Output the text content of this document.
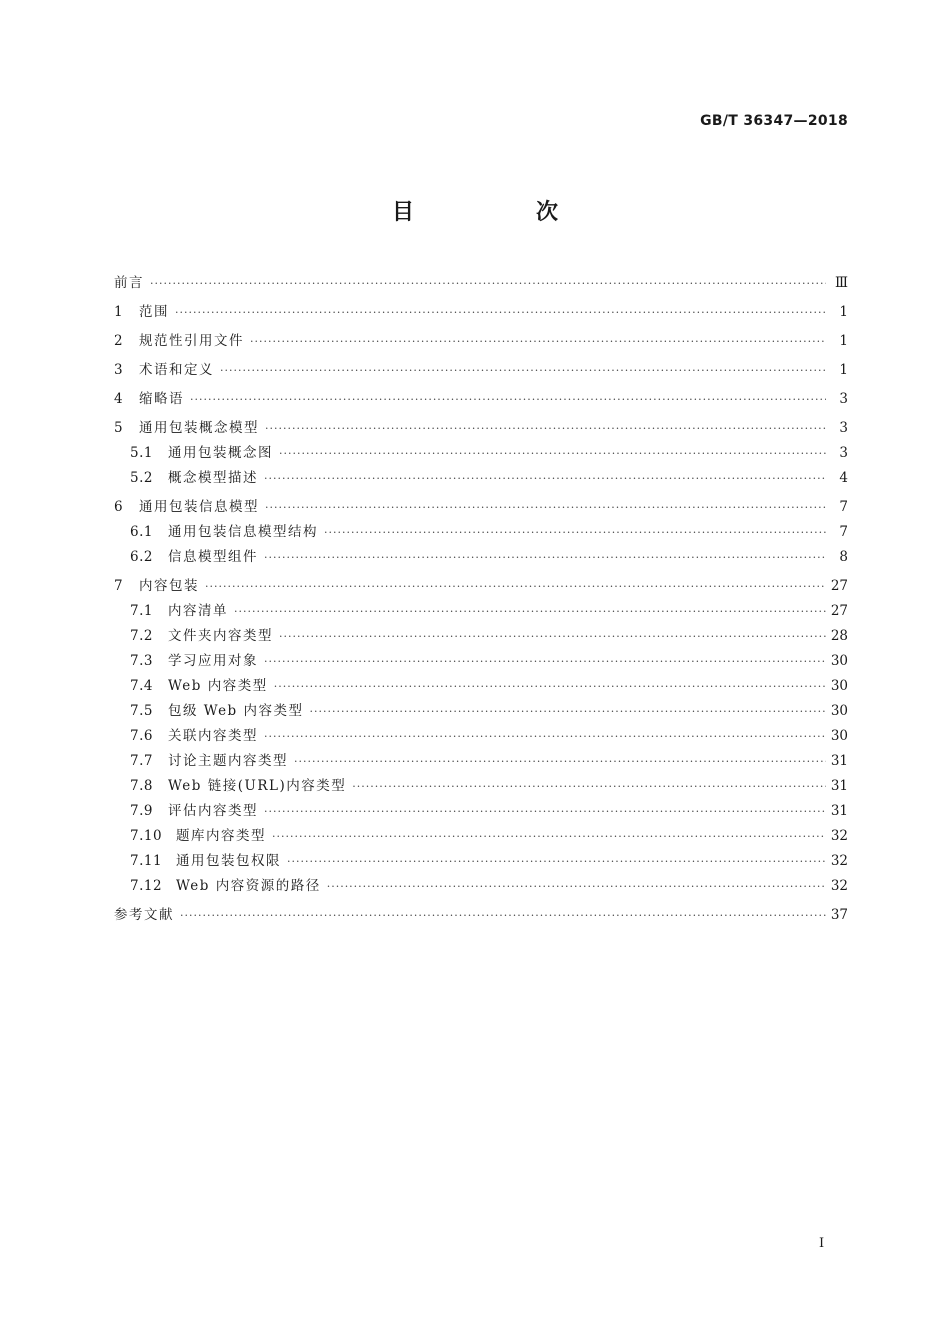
GB/T 36347—2018
目　次
前言 ·····	Ⅲ
1	范围 ·····	1
2	规范性引用文件 ·····	1
3	术语和定义 ·····	1
4	缩略语 ·····	3
5	通用包装概念模型 ·····	3
5.1	通用包装概念图 ·····	3
5.2	概念模型描述 ·····	4
6	通用包装信息模型 ·····	7
6.1	通用包装信息模型结构 ·····	7
6.2	信息模型组件 ·····	8
7	内容包装 ·····	27
7.1	内容清单 ·····	27
7.2	文件夹内容类型 ·····	28
7.3	学习应用对象 ·····	30
7.4	Web 内容类型 ·····	30
7.5	包级 Web 内容类型 ·····	30
7.6	关联内容类型 ·····	30
7.7	讨论主题内容类型 ·····	31
7.8	Web 链接(URL)内容类型 ·····	31
7.9	评估内容类型 ·····	31
7.10	题库内容类型 ·····	32
7.11	通用包装包权限 ·····	32
7.12	Web 内容资源的路径 ·····	32
参考文献 ·····	37
Ⅰ
